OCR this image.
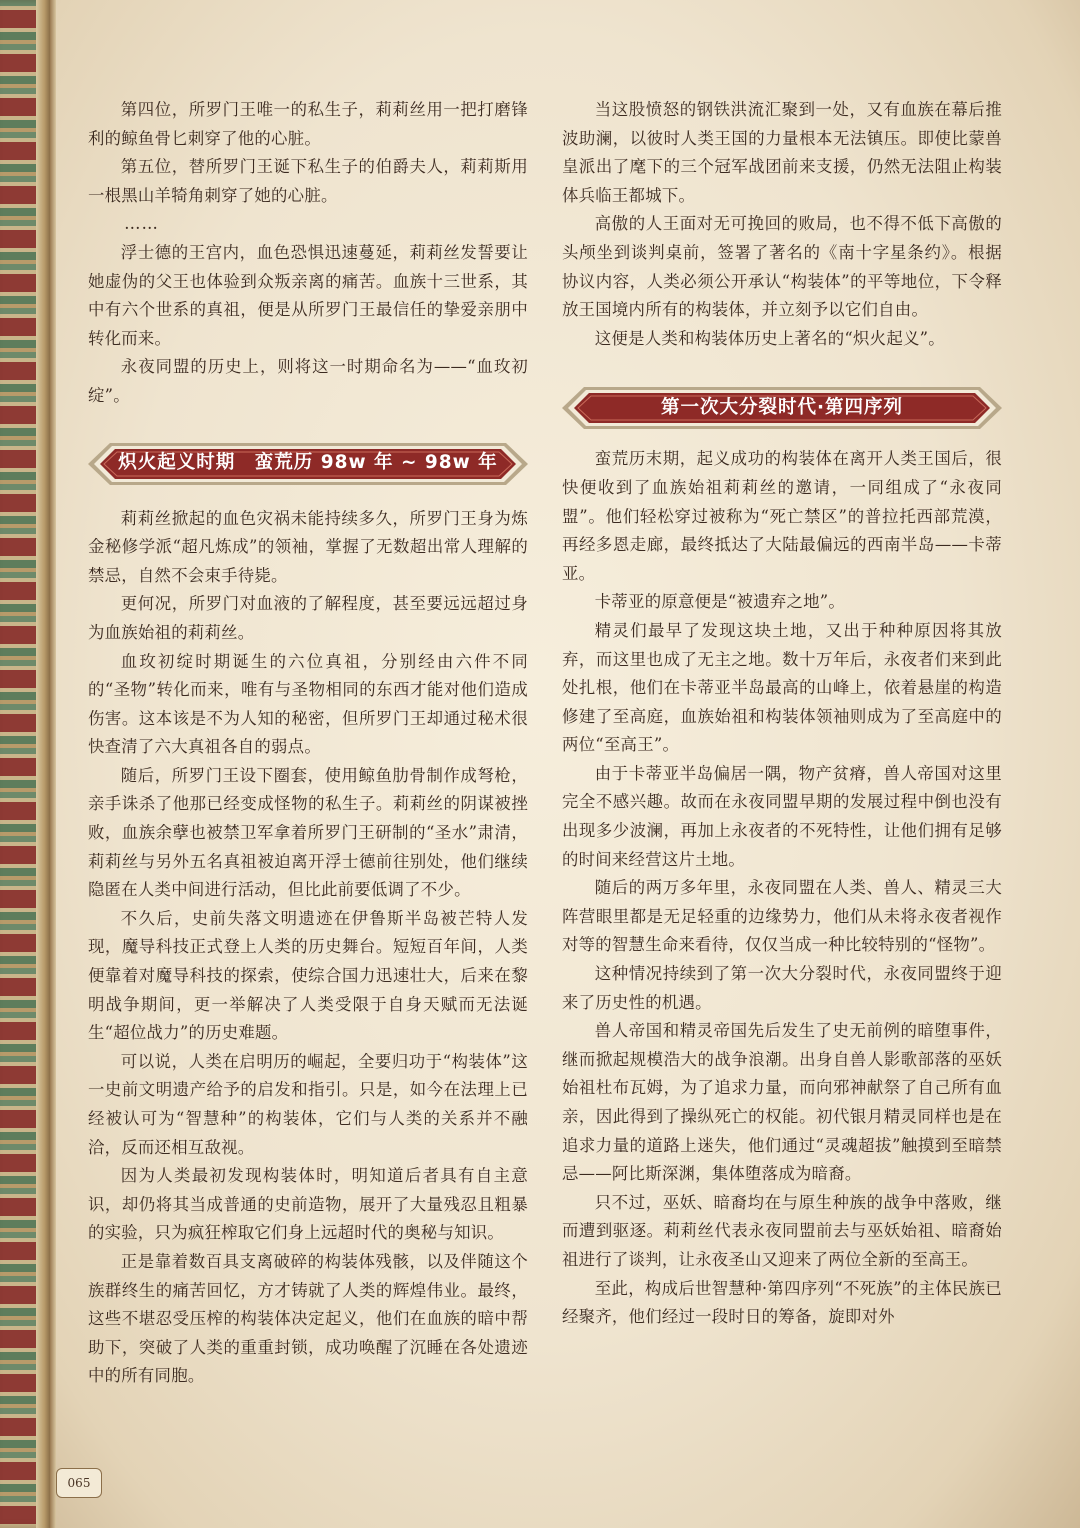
第四位，所罗门王唯一的私生子，莉莉丝用一把打磨锋利的鲸鱼骨匕刺穿了他的心脏。

第五位，替所罗门王诞下私生子的伯爵夫人，莉莉斯用一根黑山羊犄角刺穿了她的心脏。

……

浮士德的王宫内，血色恐惧迅速蔓延，莉莉丝发誓要让她虚伪的父王也体验到众叛亲离的痛苦。血族十三世系，其中有六个世系的真祖，便是从所罗门王最信任的挚爱亲朋中转化而来。

永夜同盟的历史上，则将这一时期命名为——“血玫初绽”。

炽火起义时期　蛮荒历 98w 年 ~ 98w 年

莉莉丝掀起的血色灾祸未能持续多久，所罗门王身为炼金秘修学派“超凡炼成”的领袖，掌握了无数超出常人理解的禁忌，自然不会束手待毙。

更何况，所罗门对血液的了解程度，甚至要远远超过身为血族始祖的莉莉丝。

血玫初绽时期诞生的六位真祖，分别经由六件不同的“圣物”转化而来，唯有与圣物相同的东西才能对他们造成伤害。这本该是不为人知的秘密，但所罗门王却通过秘术很快查清了六大真祖各自的弱点。

随后，所罗门王设下圈套，使用鲸鱼肋骨制作成弩枪，亲手诛杀了他那已经变成怪物的私生子。莉莉丝的阴谋被挫败，血族余孽也被禁卫军拿着所罗门王研制的“圣水”肃清，莉莉丝与另外五名真祖被迫离开浮士德前往别处，他们继续隐匿在人类中间进行活动，但比此前要低调了不少。

不久后，史前失落文明遗迹在伊鲁斯半岛被芒特人发现，魔导科技正式登上人类的历史舞台。短短百年间，人类便靠着对魔导科技的探索，使综合国力迅速壮大，后来在黎明战争期间，更一举解决了人类受限于自身天赋而无法诞生“超位战力”的历史难题。

可以说，人类在启明历的崛起，全要归功于“构装体”这一史前文明遗产给予的启发和指引。只是，如今在法理上已经被认可为“智慧种”的构装体，它们与人类的关系并不融洽，反而还相互敌视。

因为人类最初发现构装体时，明知道后者具有自主意识，却仍将其当成普通的史前造物，展开了大量残忍且粗暴的实验，只为疯狂榨取它们身上远超时代的奥秘与知识。

正是靠着数百具支离破碎的构装体残骸，以及伴随这个族群终生的痛苦回忆，方才铸就了人类的辉煌伟业。最终，这些不堪忍受压榨的构装体决定起义，他们在血族的暗中帮助下，突破了人类的重重封锁，成功唤醒了沉睡在各处遗迹中的所有同胞。

当这股愤怒的钢铁洪流汇聚到一处，又有血族在幕后推波助澜，以彼时人类王国的力量根本无法镇压。即使比蒙兽皇派出了麾下的三个冠军战团前来支援，仍然无法阻止构装体兵临王都城下。

高傲的人王面对无可挽回的败局，也不得不低下高傲的头颅坐到谈判桌前，签署了著名的《南十字星条约》。根据协议内容，人类必须公开承认“构装体”的平等地位，下令释放王国境内所有的构装体，并立刻予以它们自由。

这便是人类和构装体历史上著名的“炽火起义”。

第一次大分裂时代·第四序列

蛮荒历末期，起义成功的构装体在离开人类王国后，很快便收到了血族始祖莉莉丝的邀请，一同组成了“永夜同盟”。他们轻松穿过被称为“死亡禁区”的普拉托西部荒漠，再经多恩走廊，最终抵达了大陆最偏远的西南半岛——卡蒂亚。

卡蒂亚的原意便是“被遗弃之地”。

精灵们最早了发现这块土地，又出于种种原因将其放弃，而这里也成了无主之地。数十万年后，永夜者们来到此处扎根，他们在卡蒂亚半岛最高的山峰上，依着悬崖的构造修建了至高庭，血族始祖和构装体领袖则成为了至高庭中的两位“至高王”。

由于卡蒂亚半岛偏居一隅，物产贫瘠，兽人帝国对这里完全不感兴趣。故而在永夜同盟早期的发展过程中倒也没有出现多少波澜，再加上永夜者的不死特性，让他们拥有足够的时间来经营这片土地。

随后的两万多年里，永夜同盟在人类、兽人、精灵三大阵营眼里都是无足轻重的边缘势力，他们从未将永夜者视作对等的智慧生命来看待，仅仅当成一种比较特别的“怪物”。

这种情况持续到了第一次大分裂时代，永夜同盟终于迎来了历史性的机遇。

兽人帝国和精灵帝国先后发生了史无前例的暗堕事件，继而掀起规模浩大的战争浪潮。出身自兽人影歌部落的巫妖始祖杜布瓦姆，为了追求力量，而向邪神献祭了自己所有血亲，因此得到了操纵死亡的权能。初代银月精灵同样也是在追求力量的道路上迷失，他们通过“灵魂超拔”触摸到至暗禁忌——阿比斯深渊，集体堕落成为暗裔。

只不过，巫妖、暗裔均在与原生种族的战争中落败，继而遭到驱逐。莉莉丝代表永夜同盟前去与巫妖始祖、暗裔始祖进行了谈判，让永夜圣山又迎来了两位全新的至高王。

至此，构成后世智慧种·第四序列“不死族”的主体民族已经聚齐，他们经过一段时日的筹备，旋即对外

065
